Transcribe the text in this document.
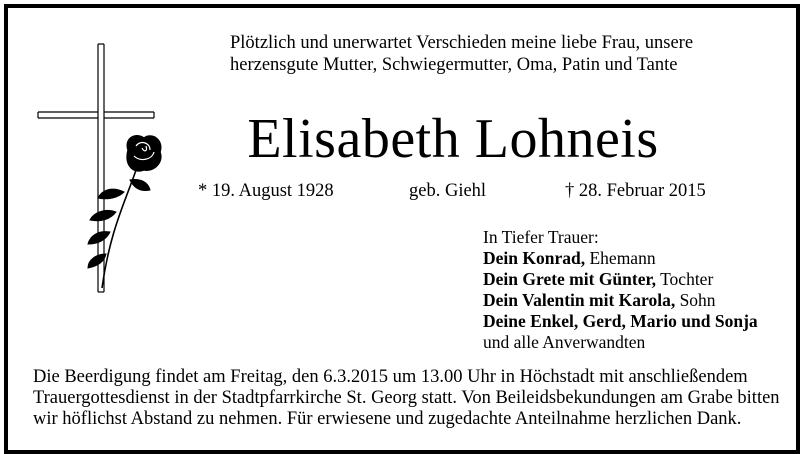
Plötzlich und unerwartet Verschieden meine liebe Frau, unsere
herzensgute Mutter, Schwiegermutter, Oma, Patin und Tante
Elisabeth Lohneis
* 19. August 1928	geb. Giehl	† 28. Februar 2015
In Tiefer Trauer:
Dein Konrad, Ehemann
Dein Grete mit Günter, Tochter
Dein Valentin mit Karola, Sohn
Deine Enkel, Gerd, Mario und Sonja
und alle Anverwandten
Die Beerdigung findet am Freitag, den 6.3.2015 um 13.00 Uhr in Höchstadt mit anschließendem
Trauergottesdienst in der Stadtpfarrkirche St. Georg statt. Von Beileidsbekundungen am Grabe bitten
wir höflichst Abstand zu nehmen. Für erwiesene und zugedachte Anteilnahme herzlichen Dank.
